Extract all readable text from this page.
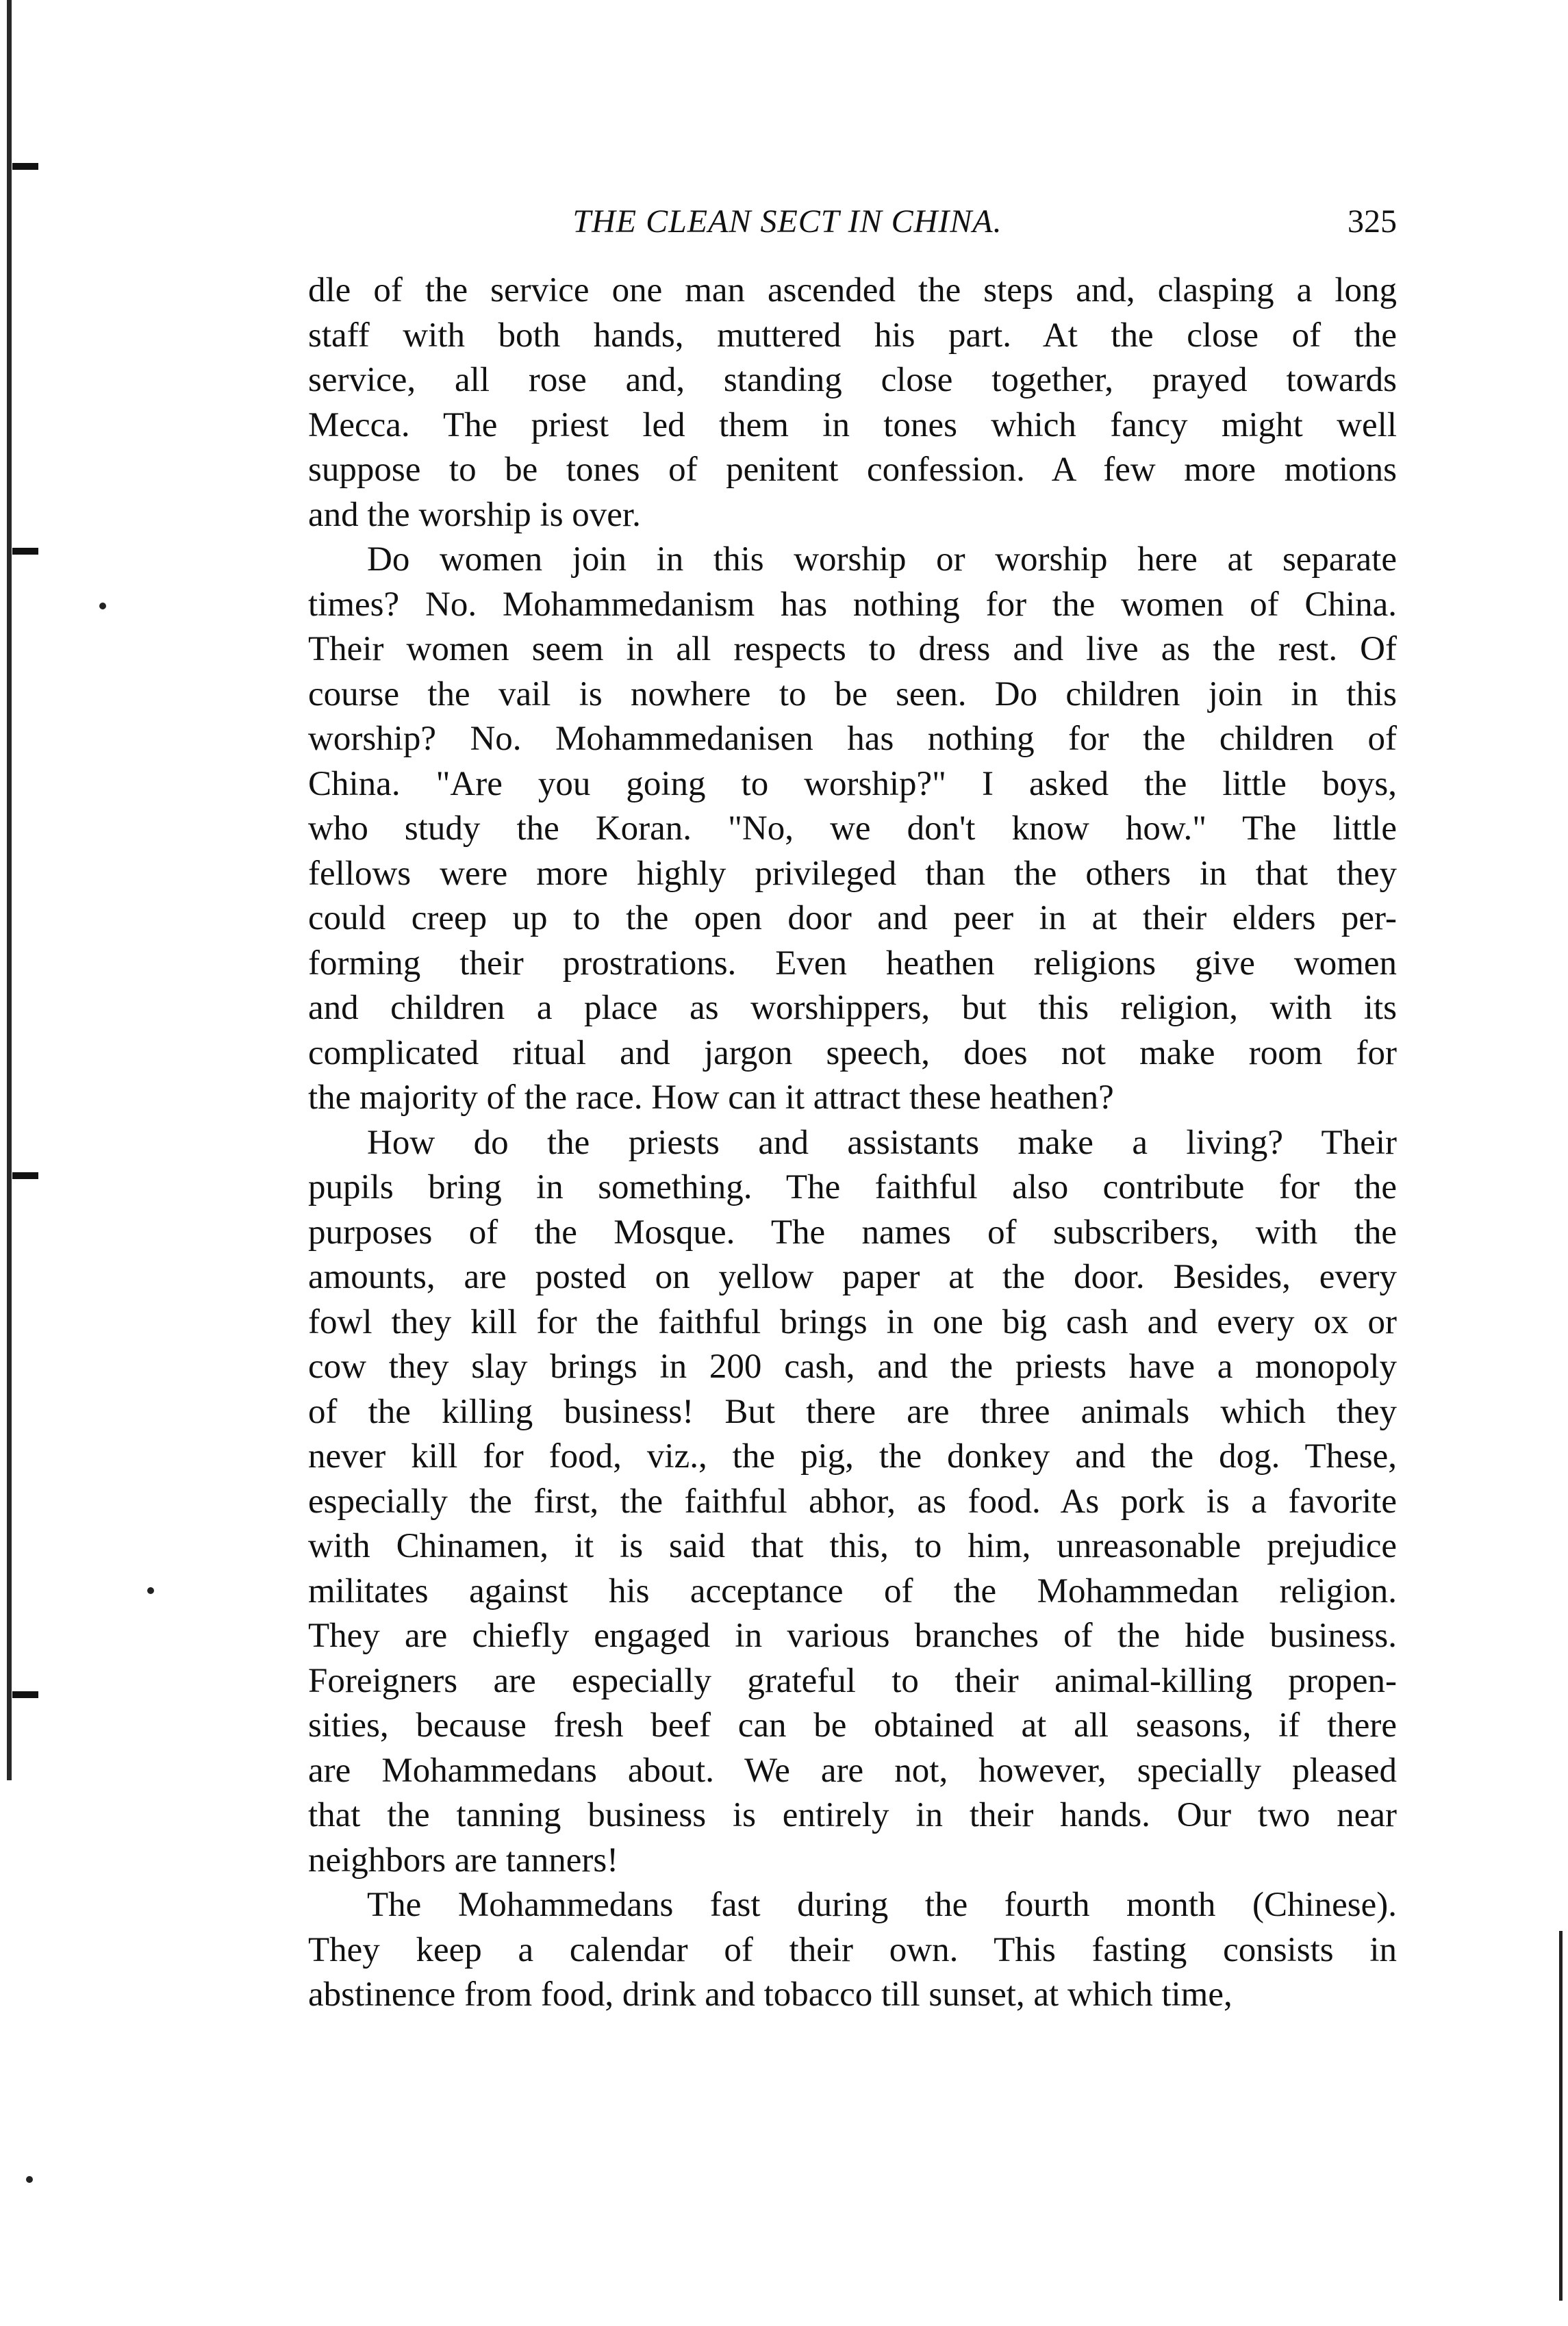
THE CLEAN SECT IN CHINA.	325

dle of the service one man ascended the steps and, clasping a long
staff with both hands, muttered his part. At the close of the
service, all rose and, standing close together, prayed towards
Mecca. The priest led them in tones which fancy might well
suppose to be tones of penitent confession. A few more motions
and the worship is over.

Do women join in this worship or worship here at separate
times? No. Mohammedanism has nothing for the women of China.
Their women seem in all respects to dress and live as the rest. Of
course the vail is nowhere to be seen. Do children join in this
worship? No. Mohammedanisen has nothing for the children of
China. "Are you going to worship?" I asked the little boys,
who study the Koran. "No, we don't know how." The little
fellows were more highly privileged than the others in that they
could creep up to the open door and peer in at their elders per-
forming their prostrations. Even heathen religions give women
and children a place as worshippers, but this religion, with its
complicated ritual and jargon speech, does not make room for
the majority of the race. How can it attract these heathen?

How do the priests and assistants make a living? Their
pupils bring in something. The faithful also contribute for the
purposes of the Mosque. The names of subscribers, with the
amounts, are posted on yellow paper at the door. Besides, every
fowl they kill for the faithful brings in one big cash and every ox or
cow they slay brings in 200 cash, and the priests have a monopoly
of the killing business! But there are three animals which they
never kill for food, viz., the pig, the donkey and the dog. These,
especially the first, the faithful abhor, as food. As pork is a favorite
with Chinamen, it is said that this, to him, unreasonable prejudice
militates against his acceptance of the Mohammedan religion.
They are chiefly engaged in various branches of the hide business.
Foreigners are especially grateful to their animal-killing propen-
sities, because fresh beef can be obtained at all seasons, if there
are Mohammedans about. We are not, however, specially pleased
that the tanning business is entirely in their hands. Our two near
neighbors are tanners!

The Mohammedans fast during the fourth month (Chinese).
They keep a calendar of their own. This fasting consists in
abstinence from food, drink and tobacco till sunset, at which time,
